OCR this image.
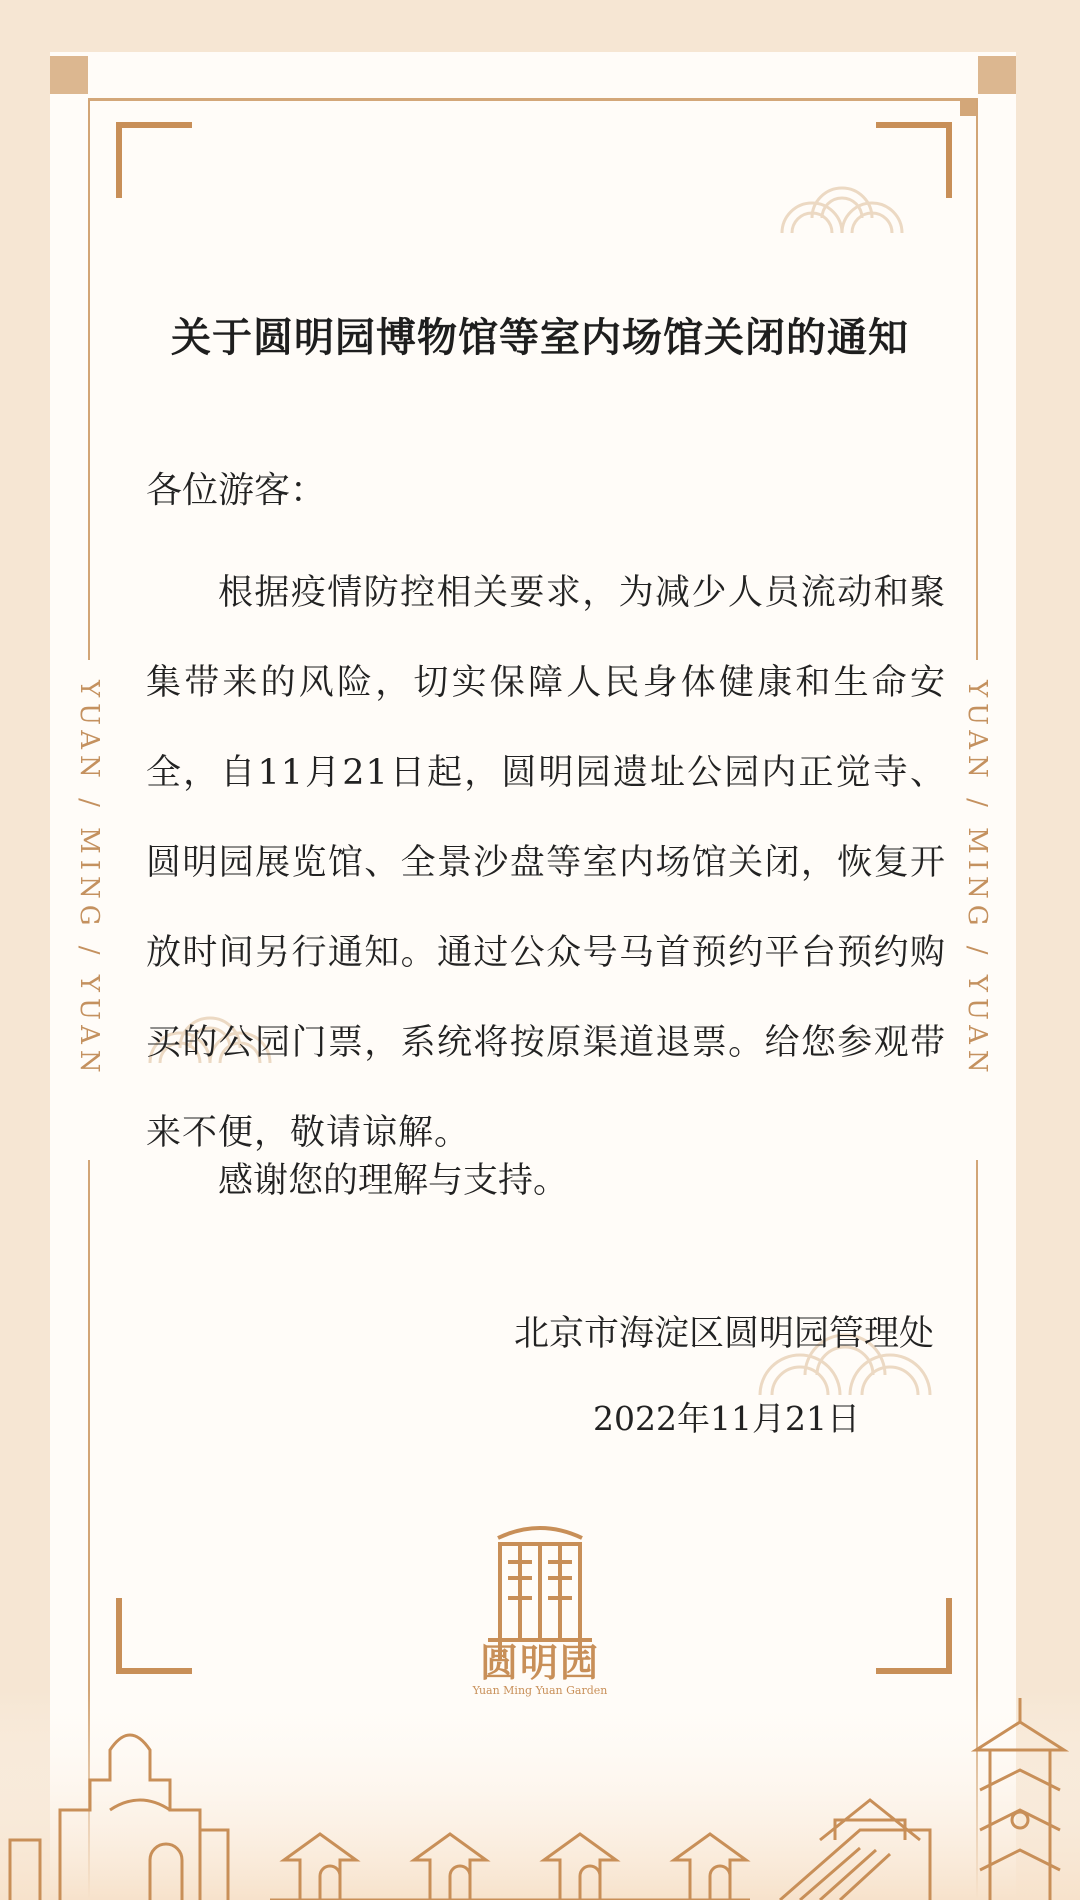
YUAN / MING / YUAN	YUAN / MING / YUAN
关于圆明园博物馆等室内场馆关闭的通知
各位游客：

根据疫情防控相关要求，为减少人员流动和聚集带来的风险，切实保障人民身体健康和生命安全，自11月21日起，圆明园遗址公园内正觉寺、圆明园展览馆、全景沙盘等室内场馆关闭，恢复开放时间另行通知。通过公众号马首预约平台预约购买的公园门票，系统将按原渠道退票。给您参观带来不便，敬请谅解。

感谢您的理解与支持。
北京市海淀区圆明园管理处
2022年11月21日
圆明园
